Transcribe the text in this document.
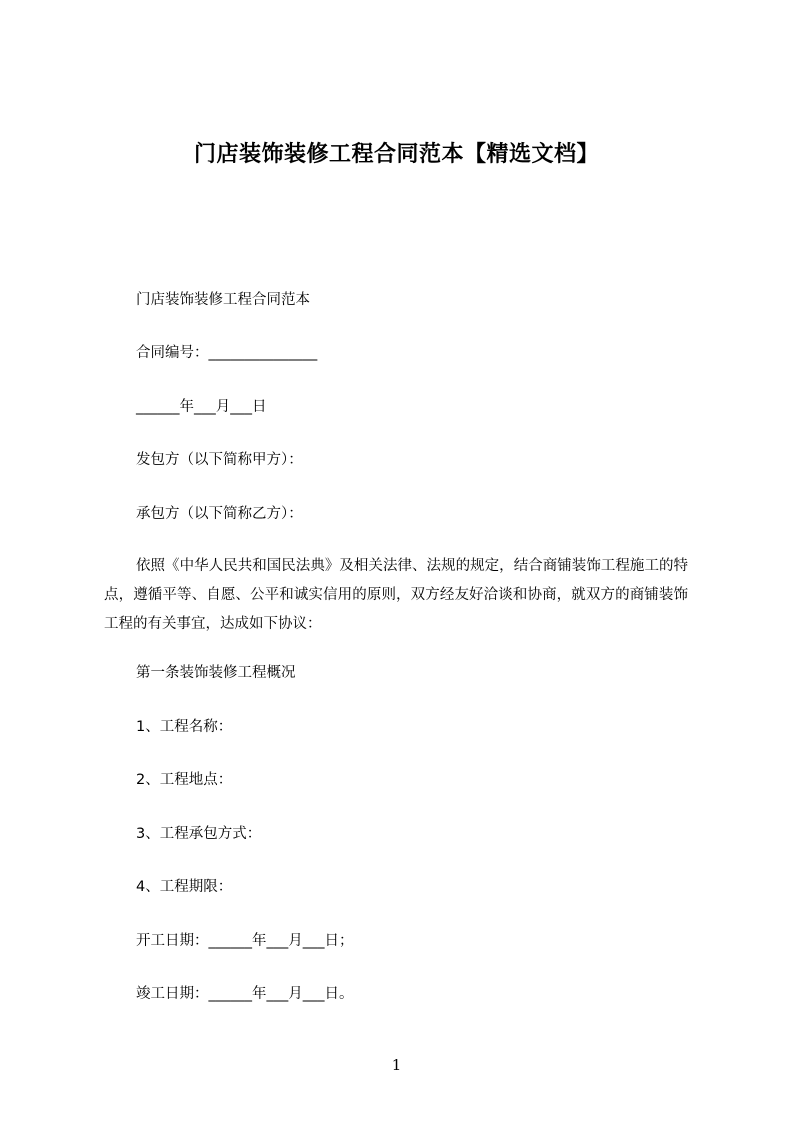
门店装饰装修工程合同范本【精选文档】
门店装饰装修工程合同范本
合同编号：_______________
______年___月___日
发包方（以下简称甲方）：
承包方（以下简称乙方）：
依照《中华人民共和国民法典》及相关法律、法规的规定，结合商铺装饰工程施工的特点，遵循平等、自愿、公平和诚实信用的原则，双方经友好洽谈和协商，就双方的商铺装饰工程的有关事宜，达成如下协议：
第一条装饰装修工程概况
1、工程名称：
2、工程地点：
3、工程承包方式：
4、工程期限：
开工日期：______年___月___日；
竣工日期：______年___月___日。
1
